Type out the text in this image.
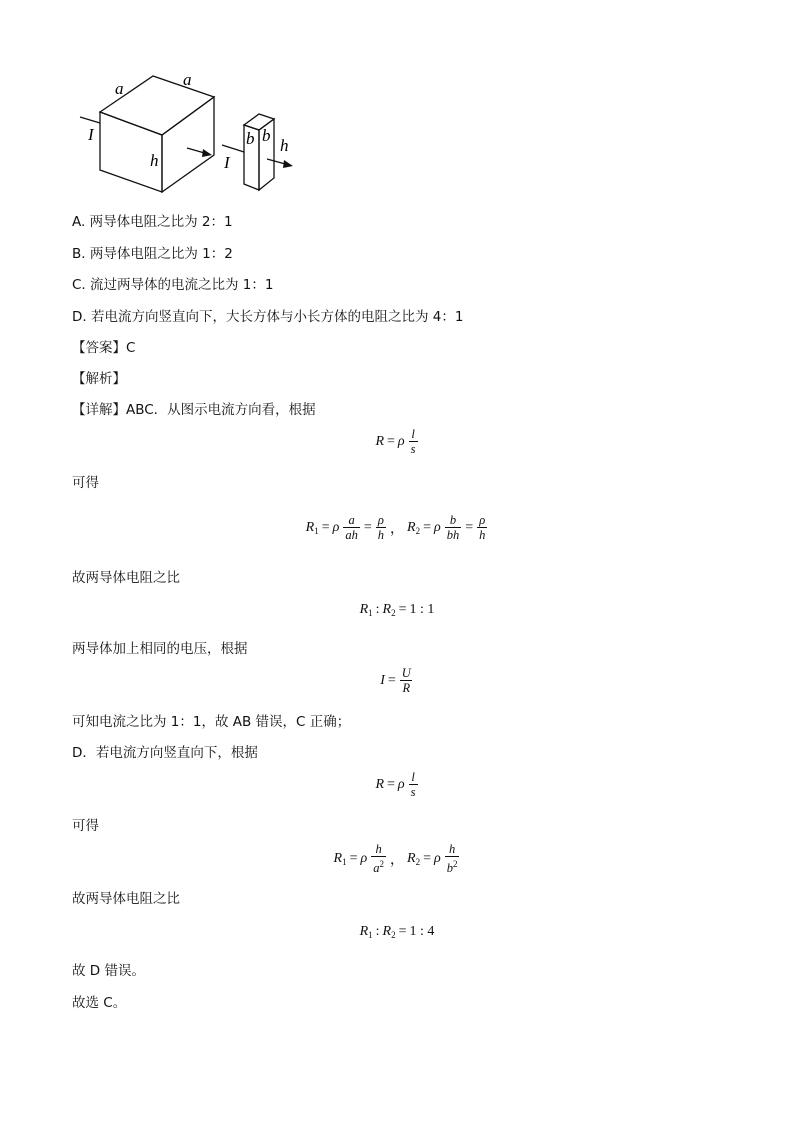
a	a
I
h	I
b b
h
A. 两导体电阻之比为 2：1
B. 两导体电阻之比为 1：2
C. 流过两导体的电流之比为 1：1
D. 若电流方向竖直向下，大长方体与小长方体的电阻之比为 4：1
【答案】C
【解析】
【详解】ABC．从图示电流方向看，根据
R = ρ $\frac{l}{s}$
可得
$R_1 = \rho \frac{a}{ah} = \frac{\rho}{h}$ ， $R_2 = \rho \frac{b}{bh} = \frac{\rho}{h}$
故两导体电阻之比
$R_1$ : $R_2 = 1$ : 1
两导体加上相同的电压，根据
$I = \frac{U}{R}$
可知电流之比为 1：1，故 AB 错误，C 正确；
D．若电流方向竖直向下，根据
R = ρ $\frac{l}{s}$
可得
$R_1 = \rho \frac{h}{a^2}$ ， $R_2 = \rho \frac{h}{b^2}$
故两导体电阻之比
$R_1$ : $R_2 = 1$ : 4
故 D 错误。
故选 C。
